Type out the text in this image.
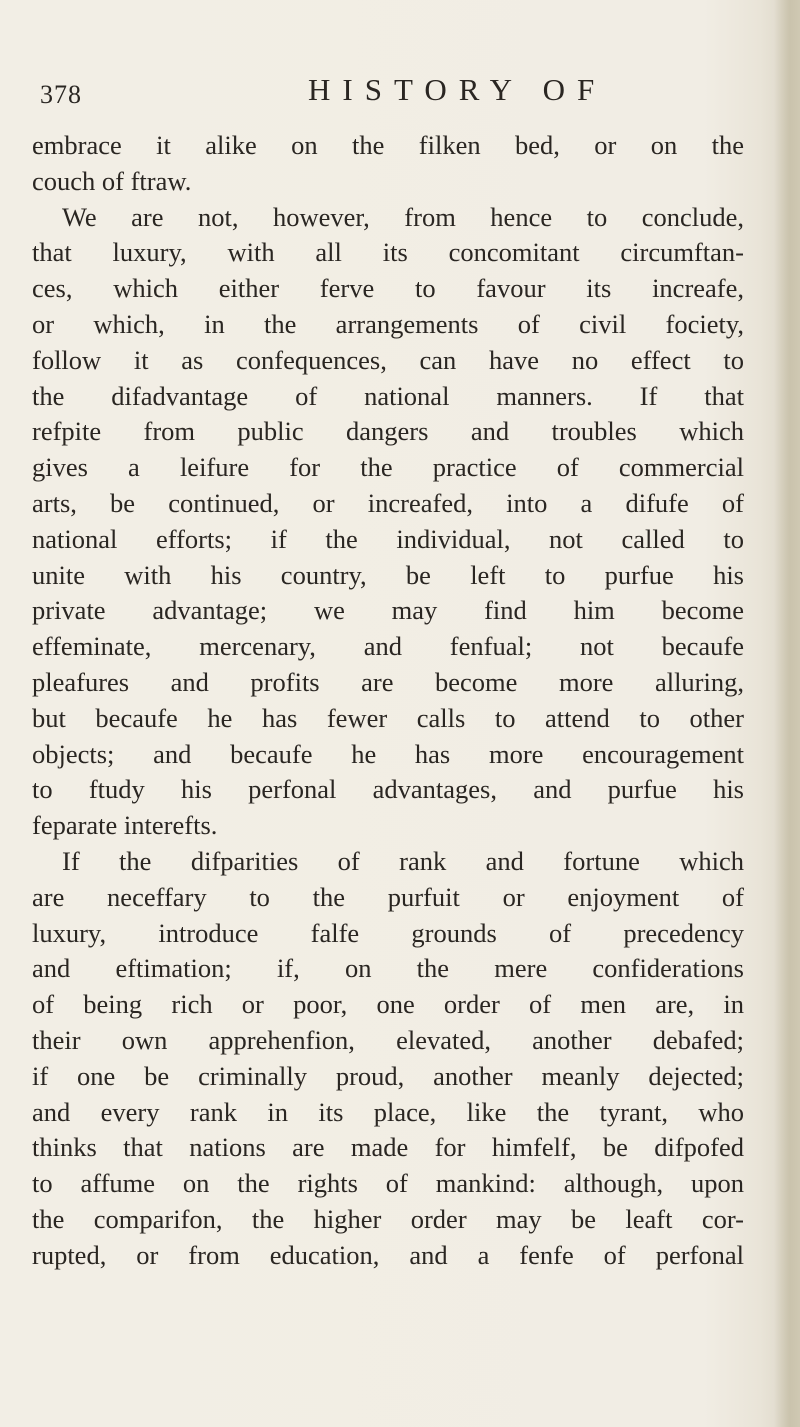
378	HISTORY OF
embrace it alike on the filken bed, or on the
couch of ftraw.
We are not, however, from hence to conclude,
that luxury, with all its concomitant circumftan-
ces, which either ferve to favour its increafe,
or which, in the arrangements of civil fociety,
follow it as confequences, can have no effect to
the difadvantage of national manners. If that
refpite from public dangers and troubles which
gives a leifure for the practice of commercial
arts, be continued, or increafed, into a difufe of
national efforts; if the individual, not called to
unite with his country, be left to purfue his
private advantage; we may find him become
effeminate, mercenary, and fenfual; not becaufe
pleafures and profits are become more alluring,
but becaufe he has fewer calls to attend to other
objects; and becaufe he has more encouragement
to ftudy his perfonal advantages, and purfue his
feparate interefts.
If the difparities of rank and fortune which
are neceffary to the purfuit or enjoyment of
luxury, introduce falfe grounds of precedency
and eftimation; if, on the mere confiderations
of being rich or poor, one order of men are, in
their own apprehenfion, elevated, another debafed;
if one be criminally proud, another meanly dejected;
and every rank in its place, like the tyrant, who
thinks that nations are made for himfelf, be difpofed
to affume on the rights of mankind: although, upon
the comparifon, the higher order may be leaft cor-
rupted, or from education, and a fenfe of perfonal
